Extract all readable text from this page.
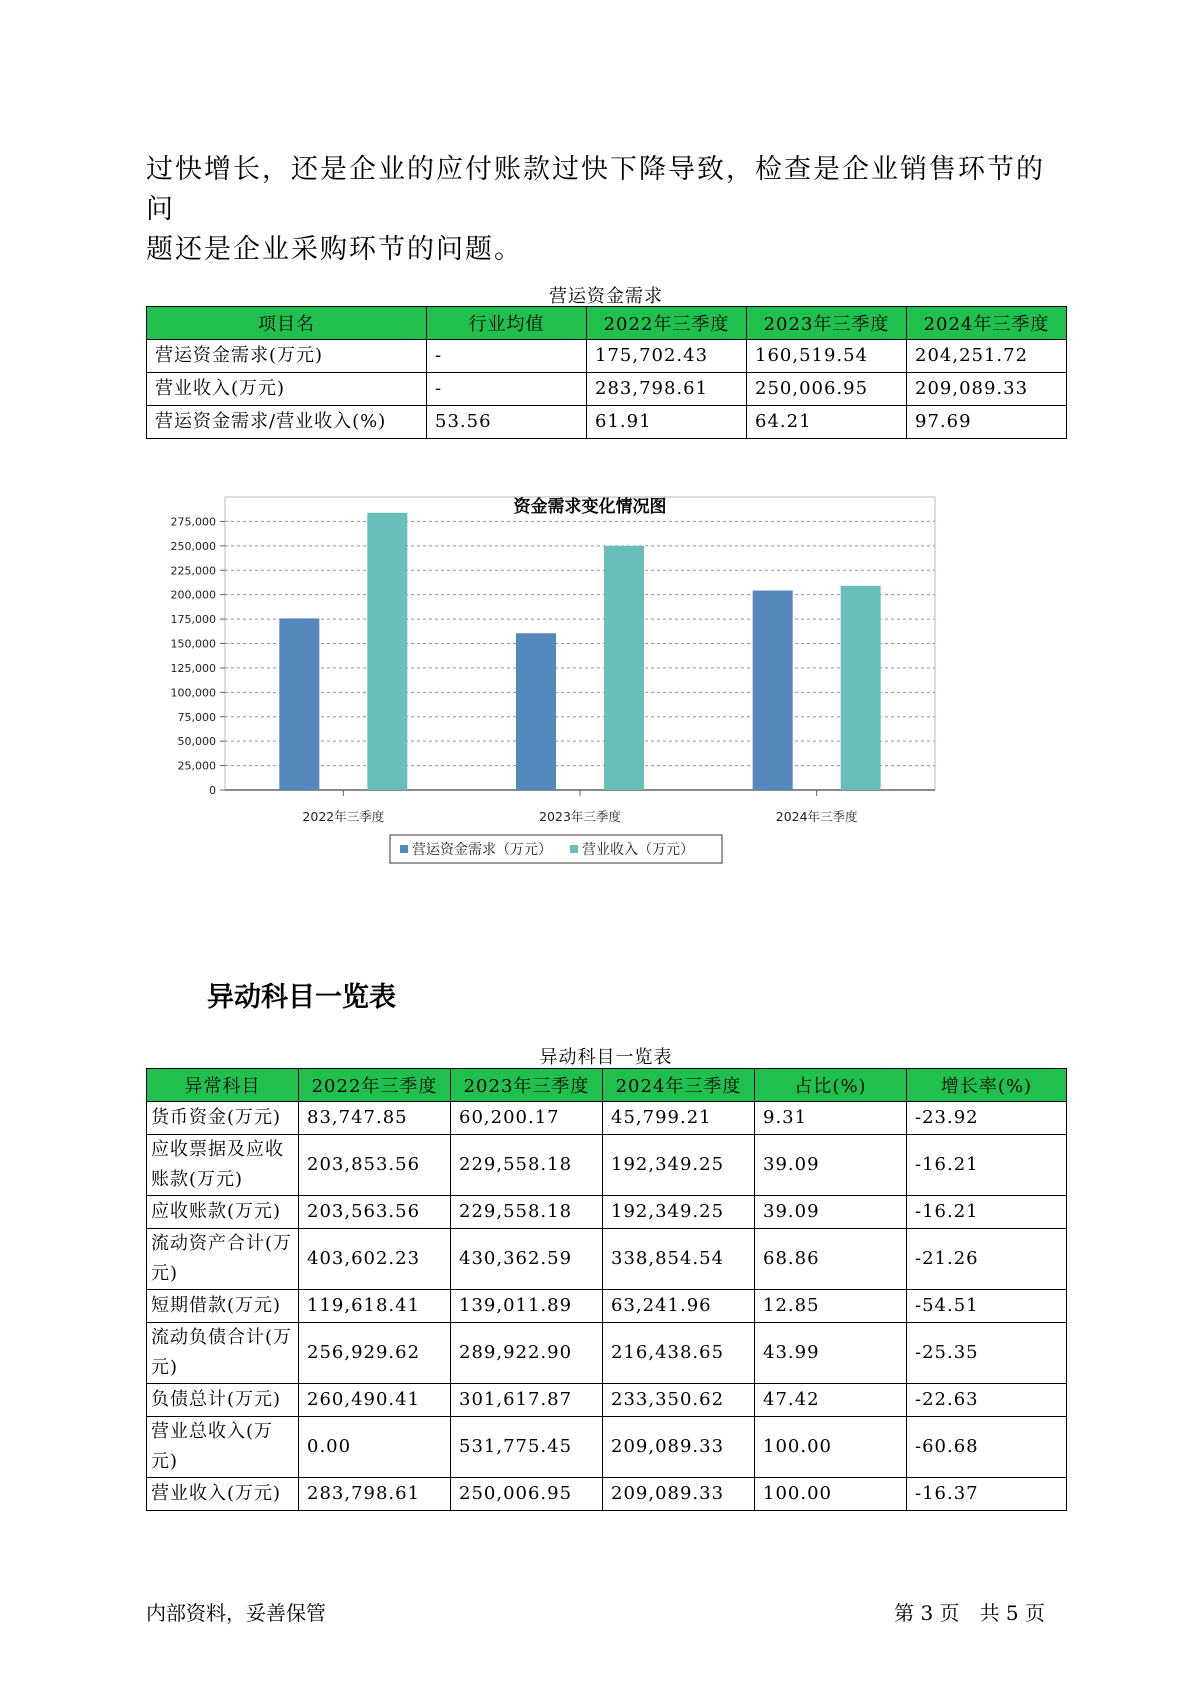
过快增长，还是企业的应付账款过快下降导致，检查是企业销售环节的问
题还是企业采购环节的问题。

营运资金需求
项目名	行业均值	2022年三季度	2023年三季度	2024年三季度
营运资金需求(万元)	-	175,702.43	160,519.54	204,251.72
营业收入(万元)	-	283,798.61	250,006.95	209,089.33
营运资金需求/营业收入(%)	53.56	61.91	64.21	97.69
资金需求变化情况图
0
25,000
50,000
75,000
100,000
125,000
150,000
175,000
200,000
225,000
250,000
275,000
2022年三季度	2023年三季度	2024年三季度
营运资金需求（万元） 营业收入（万元）
异动科目一览表
异动科目一览表
异常科目	2022年三季度	2023年三季度	2024年三季度	占比(%)	增长率(%)
货币资金(万元)	83,747.85	60,200.17	45,799.21	9.31	-23.92
应收票据及应收账款(万元)	203,853.56	229,558.18	192,349.25	39.09	-16.21
应收账款(万元)	203,563.56	229,558.18	192,349.25	39.09	-16.21
流动资产合计(万元)	403,602.23	430,362.59	338,854.54	68.86	-21.26
短期借款(万元)	119,618.41	139,011.89	63,241.96	12.85	-54.51
流动负债合计(万元)	256,929.62	289,922.90	216,438.65	43.99	-25.35
负债总计(万元)	260,490.41	301,617.87	233,350.62	47.42	-22.63
营业总收入(万元)	0.00	531,775.45	209,089.33	100.00	-60.68
营业收入(万元)	283,798.61	250,006.95	209,089.33	100.00	-16.37
内部资料，妥善保管	第 3 页　共 5 页
